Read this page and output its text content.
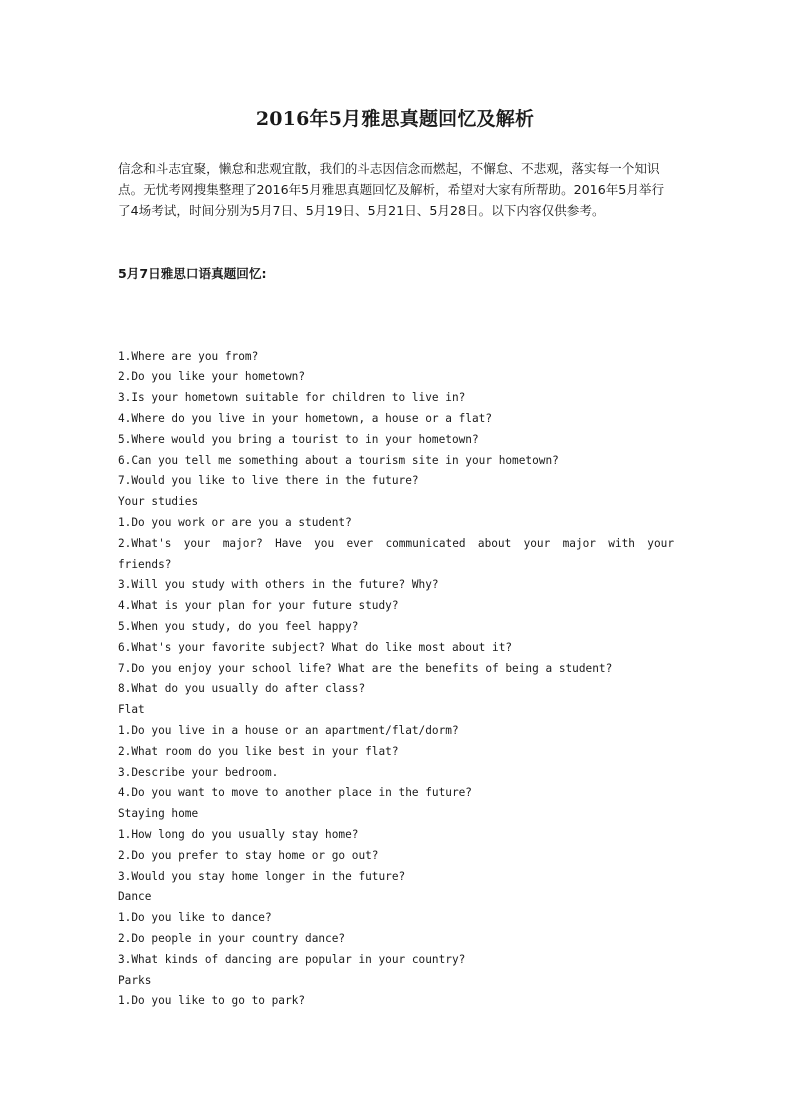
2016年5月雅思真题回忆及解析
信念和斗志宜聚，懒怠和悲观宜散，我们的斗志因信念而燃起，不懈怠、不悲观，落实每一个知识点。无忧考网搜集整理了2016年5月雅思真题回忆及解析，希望对大家有所帮助。2016年5月举行了4场考试，时间分别为5月7日、5月19日、5月21日、5月28日。以下内容仅供参考。
5月7日雅思口语真题回忆:

1.Where are you from?
2.Do you like your hometown?
3.Is your hometown suitable for children to live in?
4.Where do you live in your hometown, a house or a flat?
5.Where would you bring a tourist to in your hometown?
6.Can you tell me something about a tourism site in your hometown?
7.Would you like to live there in the future?
Your studies
1.Do you work or are you a student?
2.What's your major? Have you ever communicated about your major with your
friends?
3.Will you study with others in the future? Why?
4.What is your plan for your future study?
5.When you study, do you feel happy?
6.What's your favorite subject? What do like most about it?
7.Do you enjoy your school life? What are the benefits of being a student?
8.What do you usually do after class?
Flat
1.Do you live in a house or an apartment/flat/dorm?
2.What room do you like best in your flat?
3.Describe your bedroom.
4.Do you want to move to another place in the future?
Staying home
1.How long do you usually stay home?
2.Do you prefer to stay home or go out?
3.Would you stay home longer in the future?
Dance
1.Do you like to dance?
2.Do people in your country dance?
3.What kinds of dancing are popular in your country?
Parks
1.Do you like to go to park?
